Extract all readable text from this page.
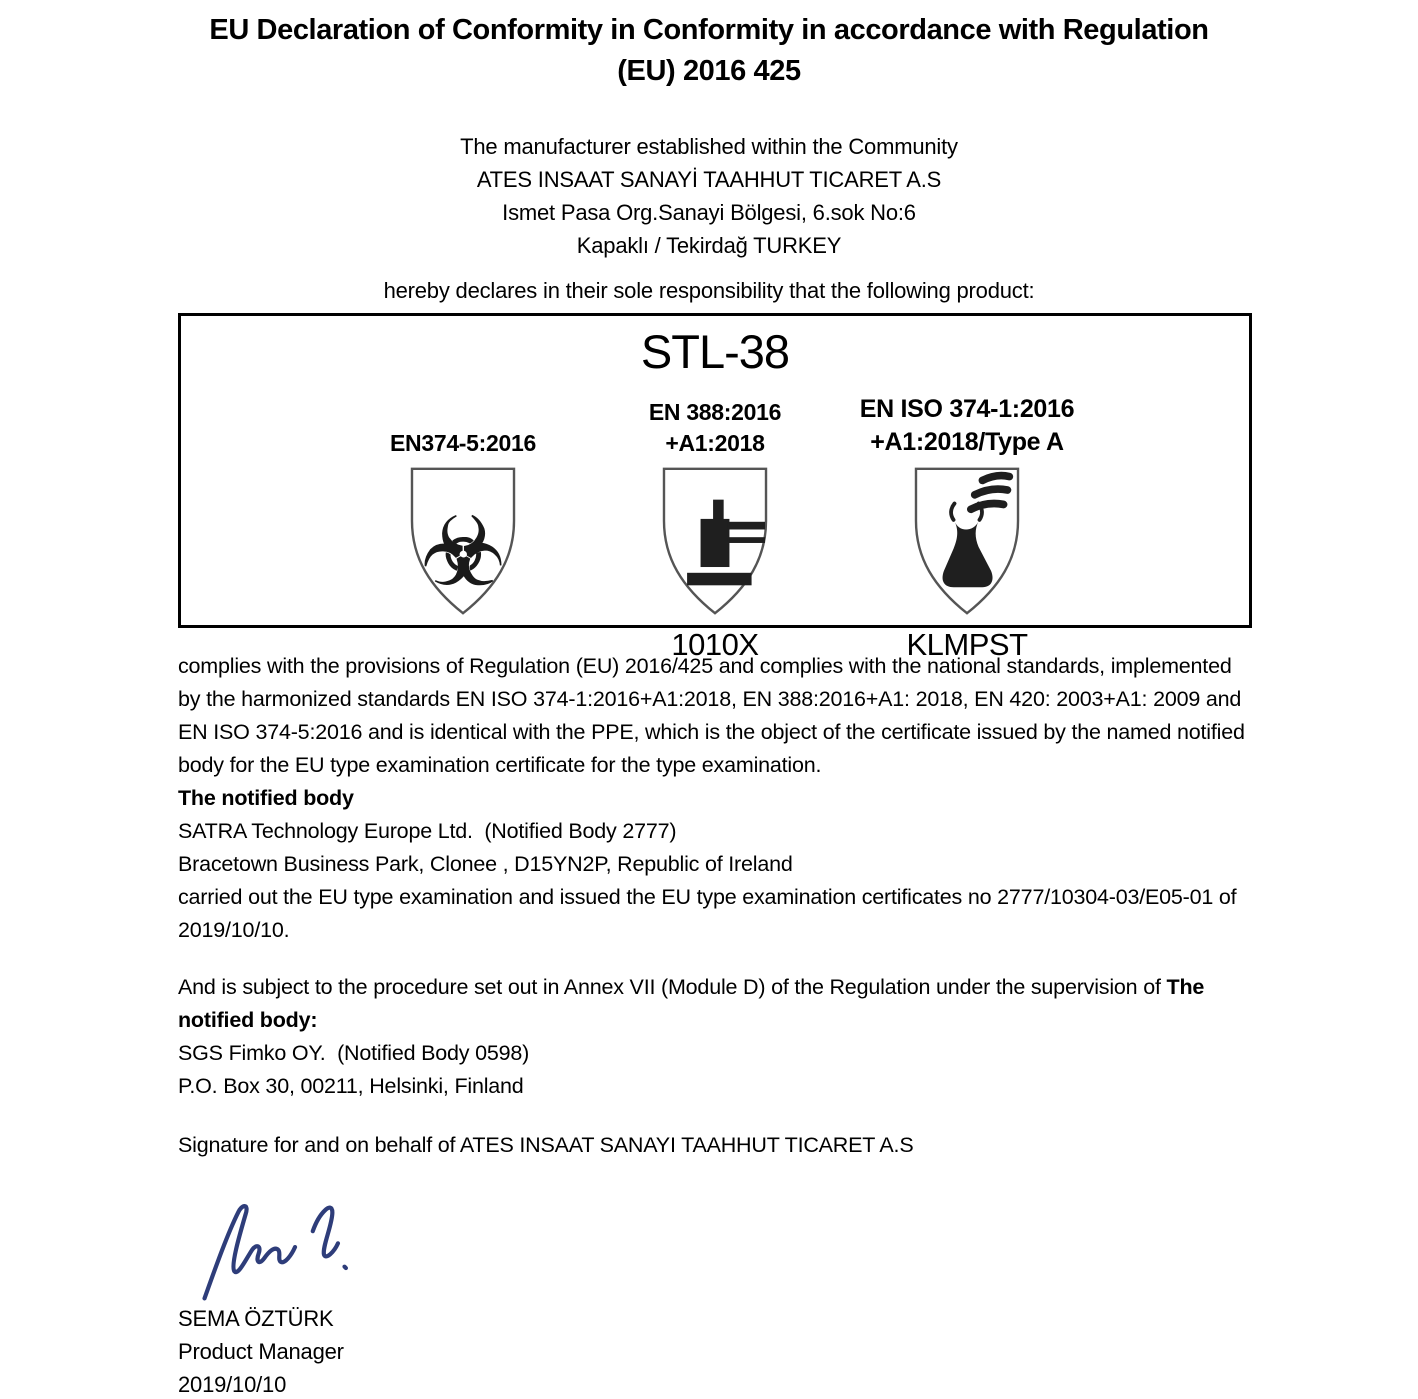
EU Declaration of Conformity in Conformity in accordance with Regulation
(EU) 2016 425
The manufacturer established within the Community
ATES INSAAT SANAYİ TAAHHUT TICARET A.S
Ismet Pasa Org.Sanayi Bölgesi, 6.sok No:6
Kapaklı / Tekirdağ TURKEY
hereby declares in their sole responsibility that the following product:
STL-38
EN374-5:2016
☣
EN 388:2016
+A1:2018
1010X
EN ISO 374-1:2016
+A1:2018/Type A
KLMPST

complies with the provisions of Regulation (EU) 2016/425 and complies with the national standards, implemented by the harmonized standards EN ISO 374-1:2016+A1:2018, EN 388:2016+A1: 2018, EN 420: 2003+A1: 2009 and EN ISO 374-5:2016 and is identical with the PPE, which is the object of the certificate issued by the named notified body for the EU type examination certificate for the type examination.

The notified body

SATRA Technology Europe Ltd.  (Notified Body 2777)

Bracetown Business Park, Clonee , D15YN2P, Republic of Ireland

carried out the EU type examination and issued the EU type examination certificates no 2777/10304-03/E05-01 of 2019/10/10.

And is subject to the procedure set out in Annex VII (Module D) of the Regulation under the supervision of The notified body:

SGS Fimko OY.  (Notified Body 0598)

P.O. Box 30, 00211, Helsinki, Finland

Signature for and on behalf of ATES INSAAT SANAYI TAAHHUT TICARET A.S

SEMA ÖZTÜRK
Product Manager
2019/10/10
